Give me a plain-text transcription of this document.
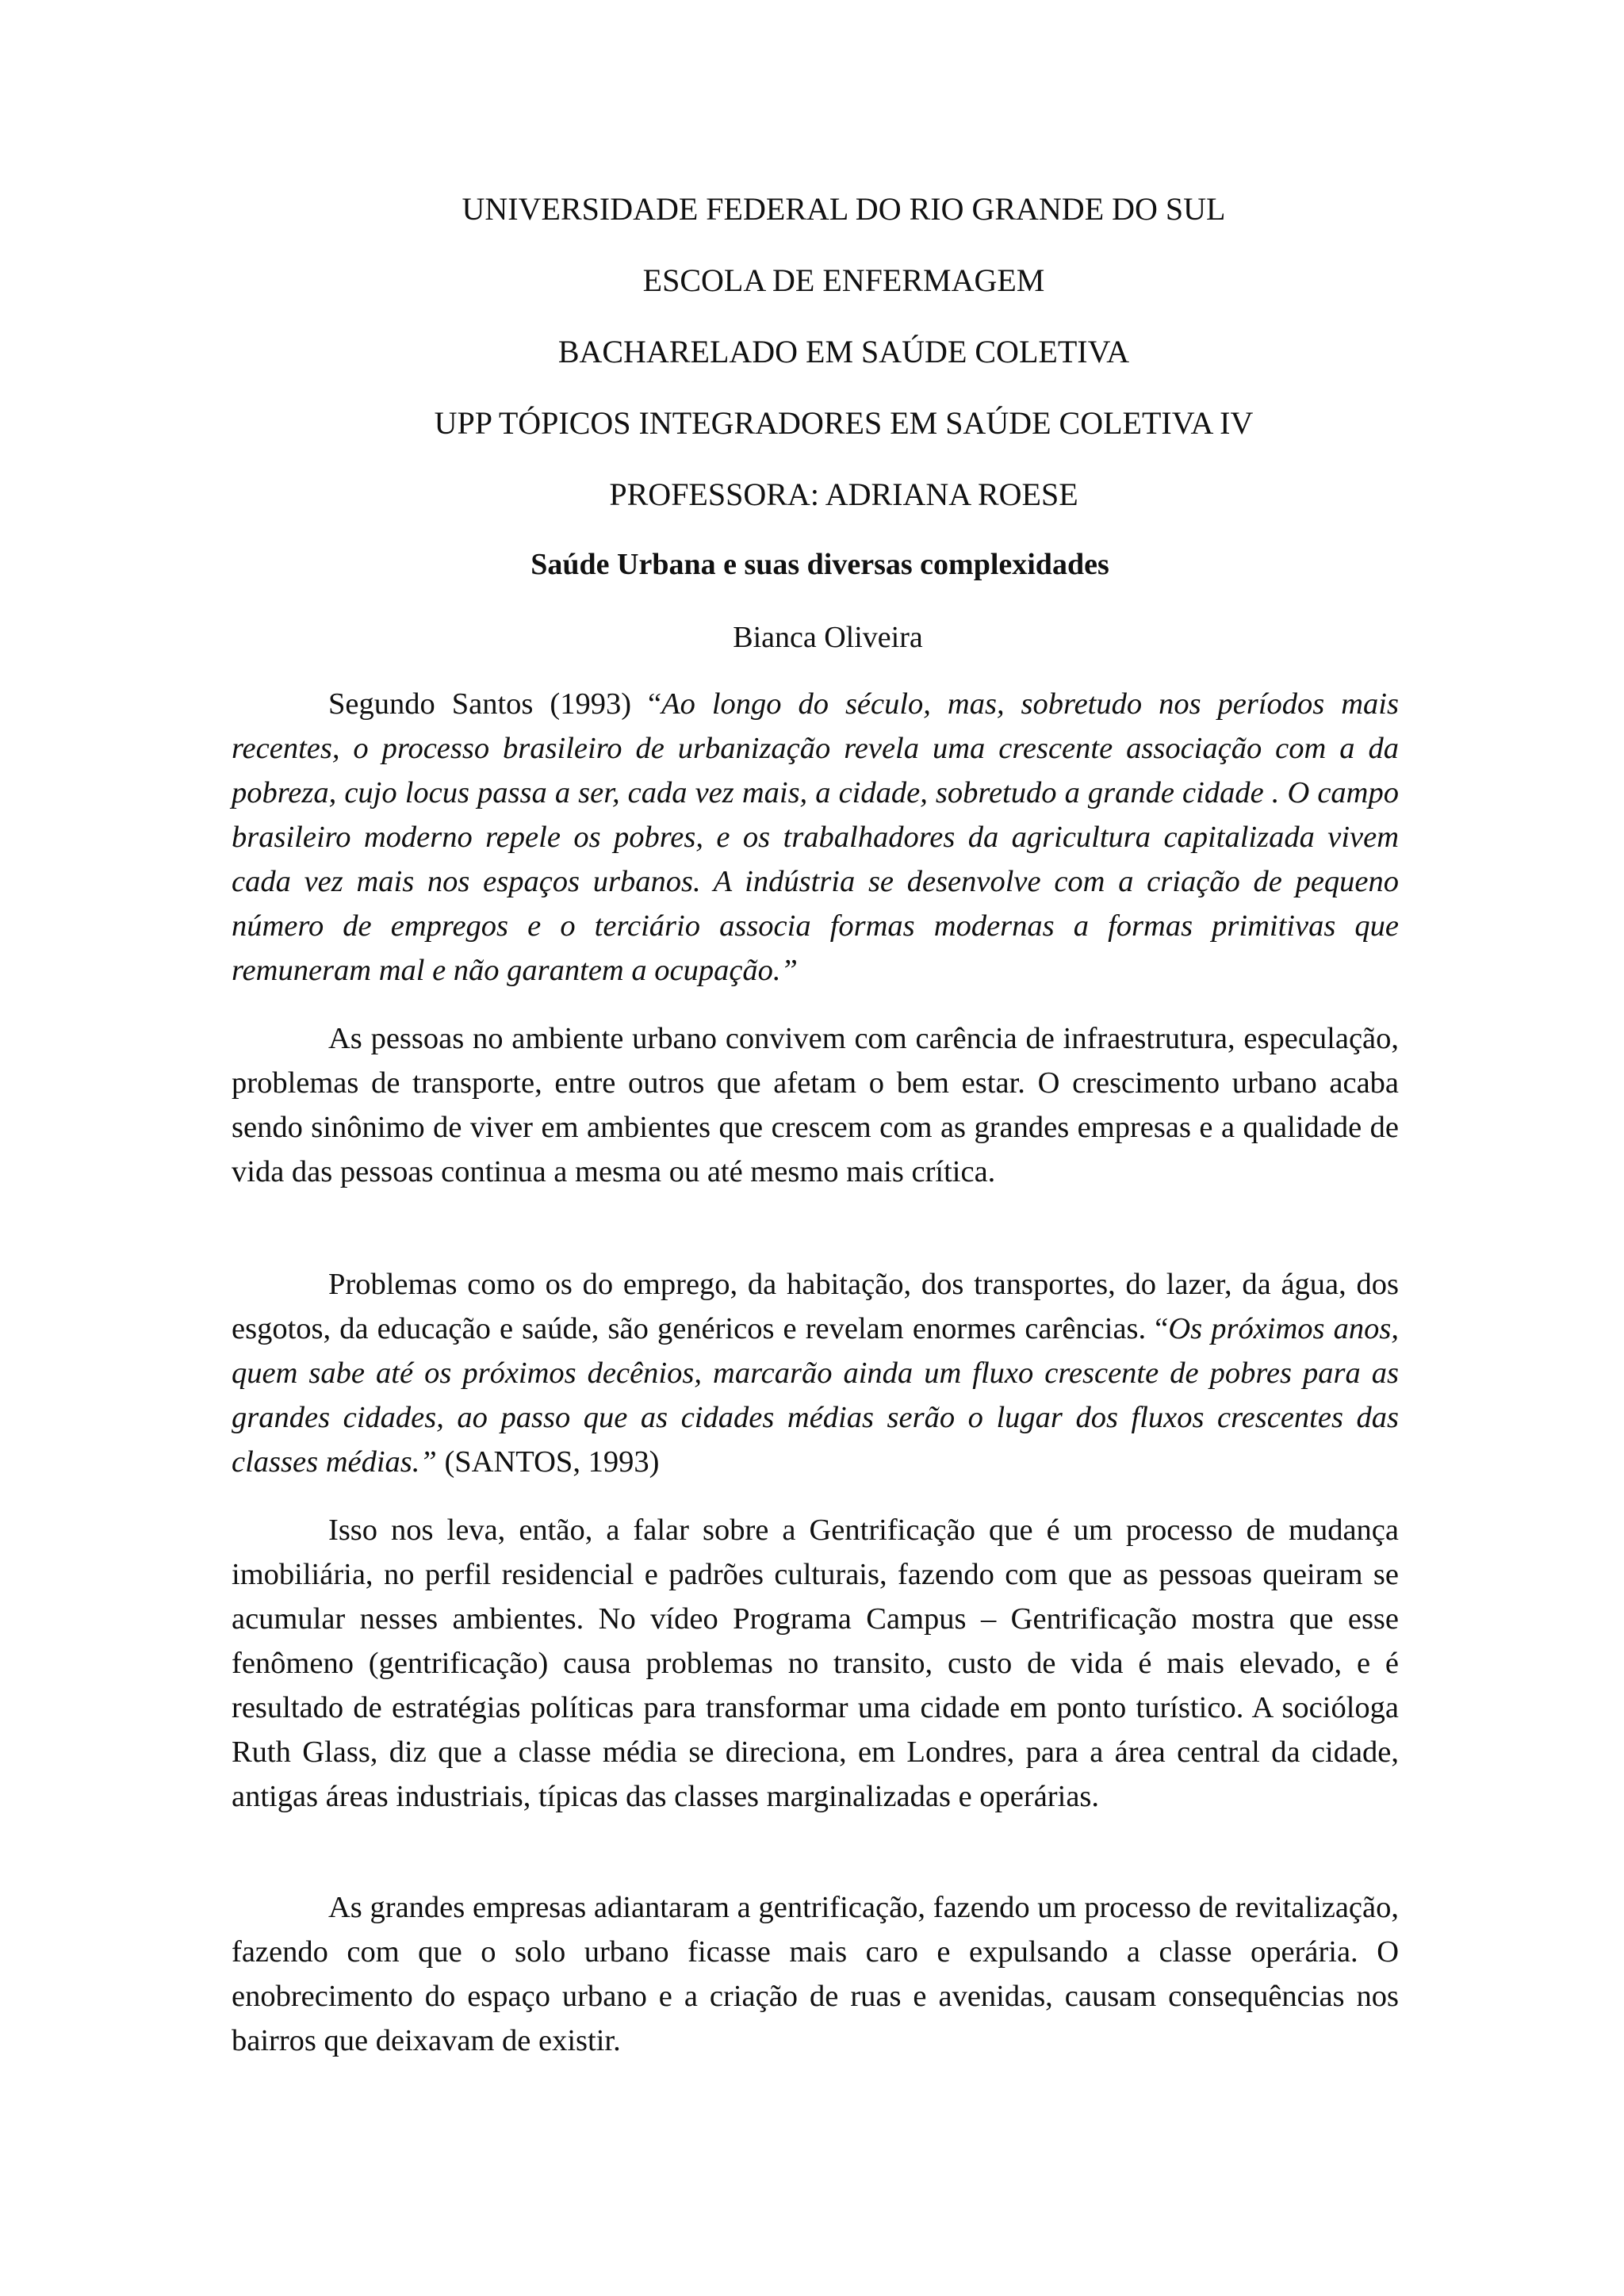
UNIVERSIDADE FEDERAL DO RIO GRANDE DO SUL
ESCOLA DE ENFERMAGEM
BACHARELADO EM SAÚDE COLETIVA
UPP TÓPICOS INTEGRADORES EM SAÚDE COLETIVA IV
PROFESSORA: ADRIANA ROESE
Saúde Urbana e suas diversas complexidades
Bianca Oliveira

Segundo Santos (1993) “Ao longo do século, mas, sobretudo nos períodos mais recentes, o processo brasileiro de urbanização revela uma crescente associação com a da pobreza, cujo locus passa a ser, cada vez mais, a cidade, sobretudo a grande cidade . O campo brasileiro moderno repele os pobres, e os trabalhadores da agricultura capitalizada vivem cada vez mais nos espaços urbanos. A indústria se desenvolve com a criação de pequeno número de empregos e o terciário associa formas modernas a formas primitivas que remuneram mal e não garantem a ocupação.”

As pessoas no ambiente urbano convivem com carência de infraestrutura, especulação, problemas de transporte, entre outros que afetam o bem estar. O crescimento urbano acaba sendo sinônimo de viver em ambientes que crescem com as grandes empresas e a qualidade de vida das pessoas continua a mesma ou até mesmo mais crítica.

Problemas como os do emprego, da habitação, dos transportes, do lazer, da água, dos esgotos, da educação e saúde, são genéricos e revelam enormes carências. “Os próximos anos, quem sabe até os próximos decênios, marcarão ainda um fluxo crescente de pobres para as grandes cidades, ao passo que as cidades médias serão o lugar dos fluxos crescentes das classes médias.” (SANTOS, 1993)

Isso nos leva, então, a falar sobre a Gentrificação que é um processo de mudança imobiliária, no perfil residencial e padrões culturais, fazendo com que as pessoas queiram se acumular nesses ambientes. No vídeo Programa Campus – Gentrificação mostra que esse fenômeno (gentrificação) causa problemas no transito, custo de vida é mais elevado, e é resultado de estratégias políticas para transformar uma cidade em ponto turístico. A socióloga Ruth Glass, diz que a classe média se direciona, em Londres, para a área central da cidade, antigas áreas industriais, típicas das classes marginalizadas e operárias.

As grandes empresas adiantaram a gentrificação, fazendo um processo de revitalização, fazendo com que o solo urbano ficasse mais caro e expulsando a classe operária. O enobrecimento do espaço urbano e a criação de ruas e avenidas, causam consequências nos bairros que deixavam de existir.
